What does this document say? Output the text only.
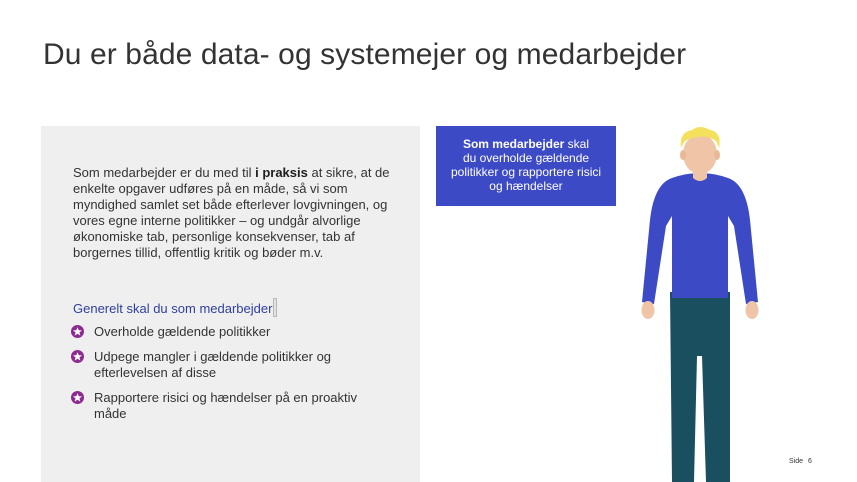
Du er både data- og systemejer og medarbejder

Som medarbejder er du med til i praksis at sikre, at de enkelte opgaver udføres på en måde, så vi som myndighed samlet set både efterlever lovgivningen, og vores egne interne politikker – og undgår alvorlige økonomiske tab, personlige konsekvenser, tab af borgernes tillid, offentlig kritik og bøder m.v.

Generelt skal du som medarbejder
Overholde gældende politikker
Udpege mangler i gældende politikker og efterlevelsen af disse
Rapportere risici og hændelser på en proaktiv måde
Som medarbejder skal
du overholde gældende politikker og rapportere risici og hændelser
Side 6
